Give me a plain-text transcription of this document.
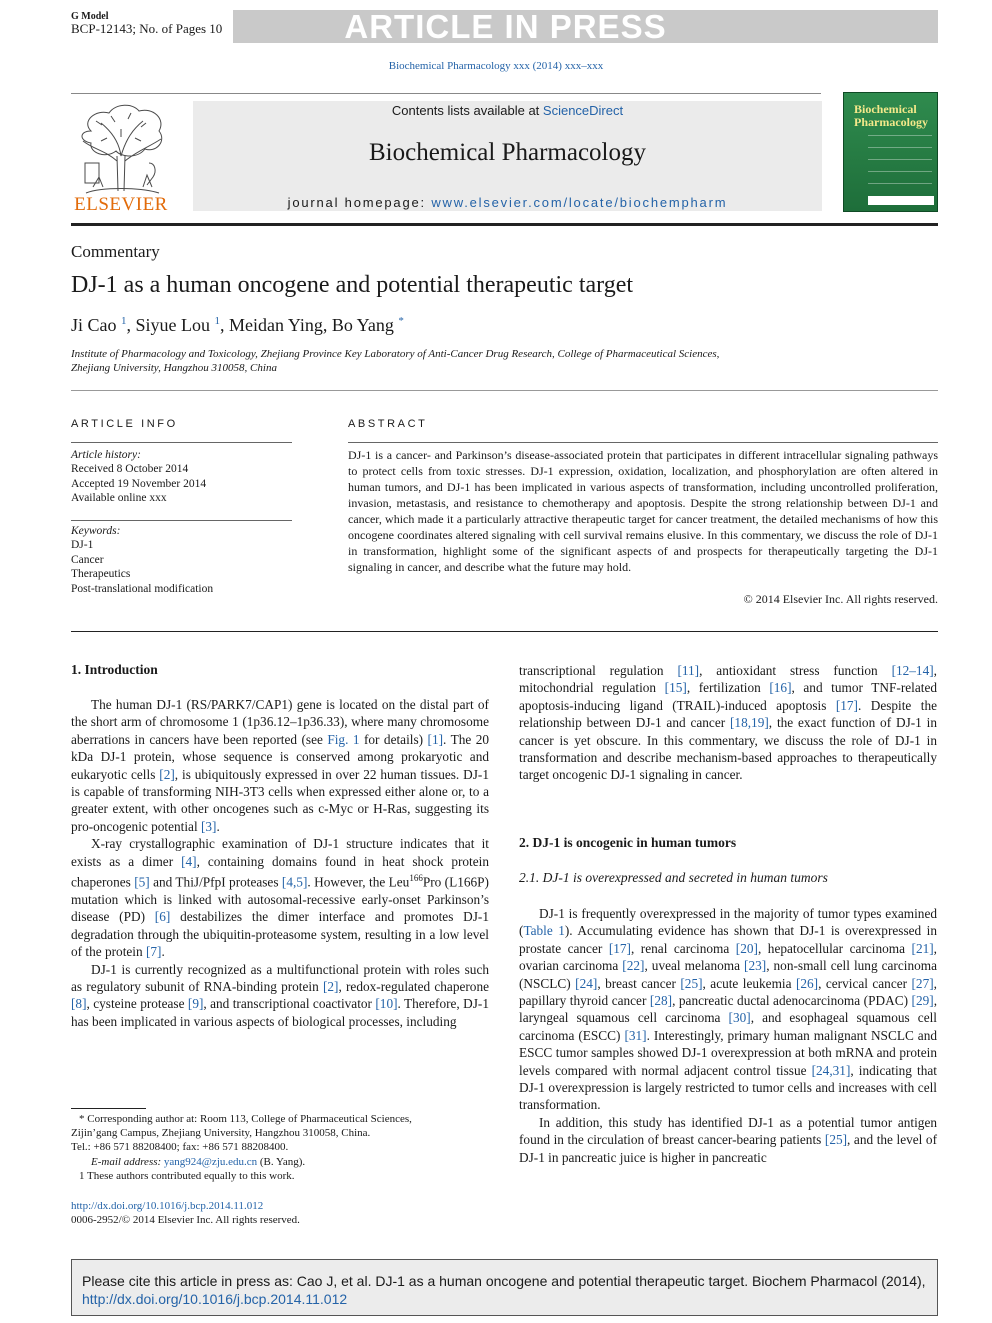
G Model
BCP-12143; No. of Pages 10	ARTICLE IN PRESS
Biochemical Pharmacology xxx (2014) xxx–xxx
ELSEVIER
Contents lists available at ScienceDirect
Biochemical Pharmacology
journal homepage: www.elsevier.com/locate/biochempharm
Biochemical
Pharmacology
Commentary
DJ-1 as a human oncogene and potential therapeutic target
Ji Cao $^1$, Siyue Lou $^1$, Meidan Ying, Bo Yang *
Institute of Pharmacology and Toxicology, Zhejiang Province Key Laboratory of Anti-Cancer Drug Research, College of Pharmaceutical Sciences,
Zhejiang University, Hangzhou 310058, China
ARTICLE INFO
Article history:
Received 8 October 2014
Accepted 19 November 2014
Available online xxx
Keywords:
DJ-1
Cancer
Therapeutics
Post-translational modification
ABSTRACT
DJ-1 is a cancer- and Parkinson’s disease-associated protein that participates in different intracellular signaling pathways to protect cells from toxic stresses. DJ-1 expression, oxidation, localization, and phosphorylation are often altered in human tumors, and DJ-1 has been implicated in various aspects of transformation, including uncontrolled proliferation, invasion, metastasis, and resistance to chemotherapy and apoptosis. Despite the strong relationship between DJ-1 and cancer, which made it a particularly attractive therapeutic target for cancer treatment, the detailed mechanisms of how this oncogene coordinates altered signaling with cell survival remains elusive. In this commentary, we discuss the role of DJ-1 in transformation, highlight some of the significant aspects of and prospects for therapeutically targeting the DJ-1 signaling in cancer, and describe what the future may hold.
© 2014 Elsevier Inc. All rights reserved.
1. Introduction

The human DJ-1 (RS/PARK7/CAP1) gene is located on the distal part of the short arm of chromosome 1 (1p36.12–1p36.33), where many chromosome aberrations in cancers have been reported (see Fig. 1 for details) [1]. The 20 kDa DJ-1 protein, whose sequence is conserved among prokaryotic and eukaryotic cells [2], is ubiquitously expressed in over 22 human tissues. DJ-1 is capable of transforming NIH-3T3 cells when expressed either alone or, to a greater extent, with other oncogenes such as c-Myc or H-Ras, suggesting its pro-oncogenic potential [3].

X-ray crystallographic examination of DJ-1 structure indicates that it exists as a dimer [4], containing domains found in heat shock protein chaperones [5] and ThiJ/PfpI proteases [4,5]. However, the Leu$^{166}$Pro (L166P) mutation which is linked with autosomal-recessive early-onset Parkinson’s disease (PD) [6] destabilizes the dimer interface and promotes DJ-1 degradation through the ubiquitin-proteasome system, resulting in a low level of the protein [7].

DJ-1 is currently recognized as a multifunctional protein with roles such as regulatory subunit of RNA-binding protein [2], redox-regulated chaperone [8], cysteine protease [9], and transcriptional coactivator [10]. Therefore, DJ-1 has been implicated in various aspects of biological processes, including

transcriptional regulation [11], antioxidant stress function [12–14], mitochondrial regulation [15], fertilization [16], and tumor TNF-related apoptosis-inducing ligand (TRAIL)-induced apoptosis [17]. Despite the relationship between DJ-1 and cancer [18,19], the exact function of DJ-1 in cancer is yet obscure. In this commentary, we discuss the role of DJ-1 in transformation and describe mechanism-based approaches to therapeutically target oncogenic DJ-1 signaling in cancer.

2. DJ-1 is oncogenic in human tumors
2.1. DJ-1 is overexpressed and secreted in human tumors

DJ-1 is frequently overexpressed in the majority of tumor types examined (Table 1). Accumulating evidence has shown that DJ-1 is overexpressed in prostate cancer [17], renal carcinoma [20], hepatocellular carcinoma [21], ovarian carcinoma [22], uveal melanoma [23], non-small cell lung carcinoma (NSCLC) [24], breast cancer [25], acute leukemia [26], cervical cancer [27], papillary thyroid cancer [28], pancreatic ductal adenocarcinoma (PDAC) [29], laryngeal squamous cell carcinoma [30], and esophageal squamous cell carcinoma (ESCC) [31]. Interestingly, primary human malignant NSCLC and ESCC tumor samples showed DJ-1 overexpression at both mRNA and protein levels compared with normal adjacent control tissue [24,31], indicating that DJ-1 overexpression is largely restricted to tumor cells and increases with cell transformation.

In addition, this study has identified DJ-1 as a potential tumor antigen found in the circulation of breast cancer-bearing patients [25], and the level of DJ-1 in pancreatic juice is higher in pancreatic

* Corresponding author at: Room 113, College of Pharmaceutical Sciences,
Zijin’gang Campus, Zhejiang University, Hangzhou 310058, China.
Tel.: +86 571 88208400; fax: +86 571 88208400.
E-mail address: yang924@zju.edu.cn (B. Yang).
1 These authors contributed equally to this work.
http://dx.doi.org/10.1016/j.bcp.2014.11.012
0006-2952/© 2014 Elsevier Inc. All rights reserved.
Please cite this article in press as: Cao J, et al. DJ-1 as a human oncogene and potential therapeutic target. Biochem Pharmacol (2014),
http://dx.doi.org/10.1016/j.bcp.2014.11.012
